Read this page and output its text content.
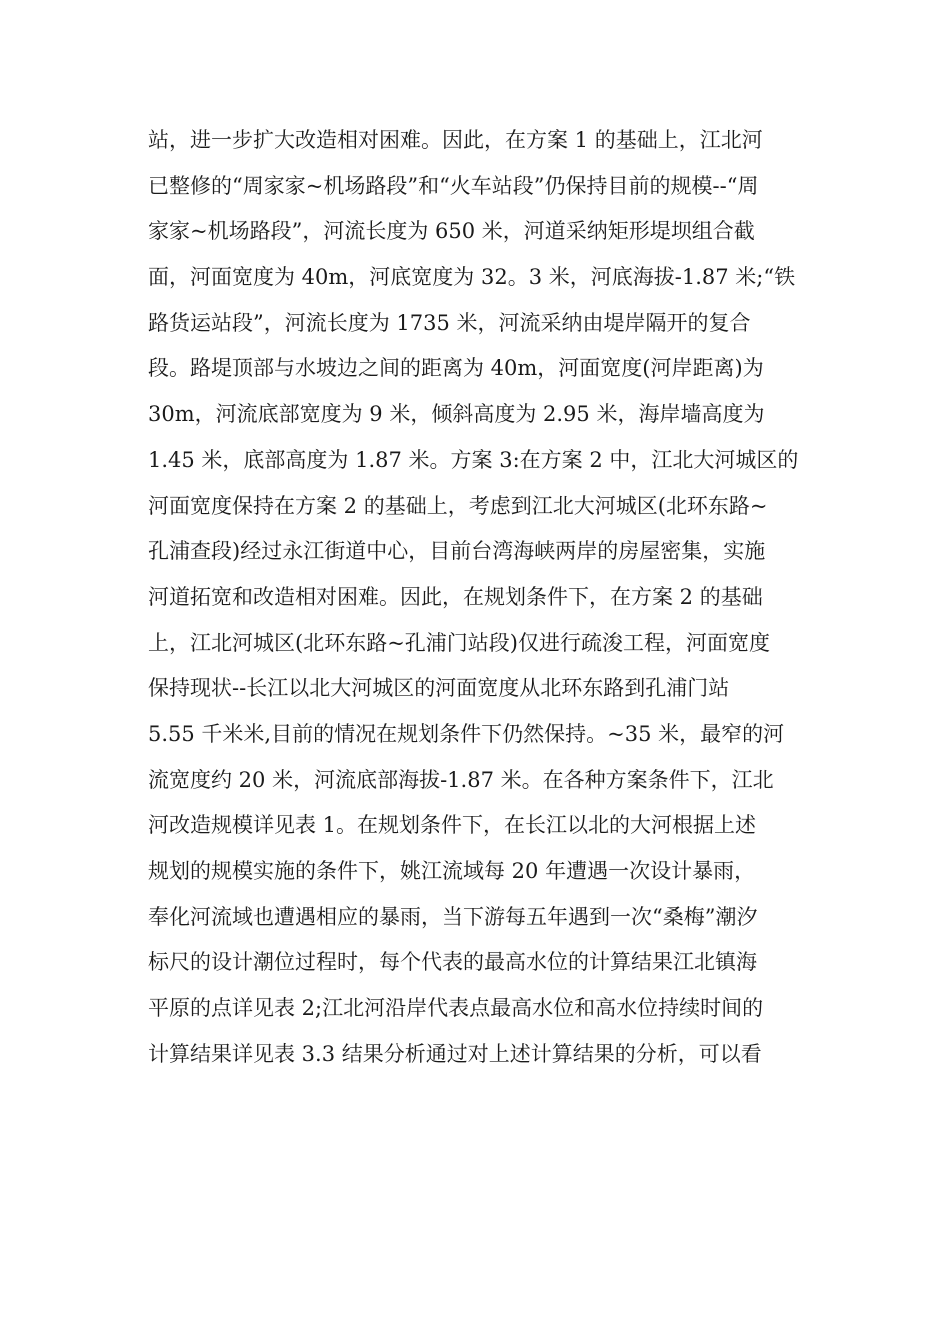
站，进一步扩大改造相对困难。因此，在方案 1 的基础上，江北河
已整修的“周家家~机场路段”和“火车站段”仍保持目前的规模--“周
家家~机场路段”，河流长度为 650 米，河道采纳矩形堤坝组合截
面，河面宽度为 40m，河底宽度为 32。3 米，河底海拔-1.87 米;“铁
路货运站段”，河流长度为 1735 米，河流采纳由堤岸隔开的复合
段。路堤顶部与水坡边之间的距离为 40m，河面宽度(河岸距离)为
30m，河流底部宽度为 9 米，倾斜高度为 2.95 米，海岸墙高度为
1.45 米，底部高度为 1.87 米。方案 3:在方案 2 中，江北大河城区的
河面宽度保持在方案 2 的基础上，考虑到江北大河城区(北环东路~
孔浦查段)经过永江街道中心，目前台湾海峡两岸的房屋密集，实施
河道拓宽和改造相对困难。因此，在规划条件下，在方案 2 的基础
上，江北河城区(北环东路~孔浦门站段)仅进行疏浚工程，河面宽度
保持现状--长江以北大河城区的河面宽度从北环东路到孔浦门站
5.55 千米米,目前的情况在规划条件下仍然保持。~35 米，最窄的河
流宽度约 20 米，河流底部海拔-1.87 米。在各种方案条件下，江北
河改造规模详见表 1。在规划条件下，在长江以北的大河根据上述
规划的规模实施的条件下，姚江流域每 20 年遭遇一次设计暴雨，
奉化河流域也遭遇相应的暴雨，当下游每五年遇到一次“桑梅”潮汐
标尺的设计潮位过程时，每个代表的最高水位的计算结果江北镇海
平原的点详见表 2;江北河沿岸代表点最高水位和高水位持续时间的
计算结果详见表 3.3 结果分析通过对上述计算结果的分析，可以看
